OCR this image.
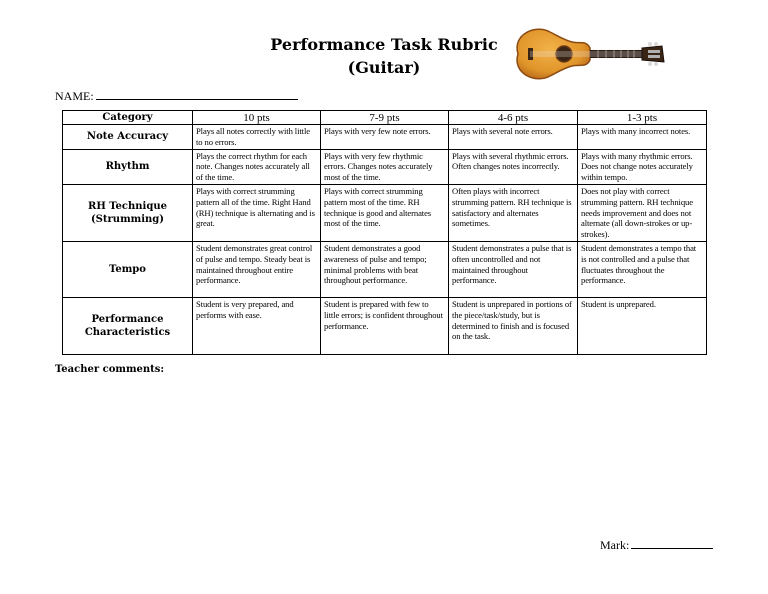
Performance Task Rubric
(Guitar)
NAME:
Category	10 pts	7-9 pts	4-6 pts	1-3 pts
Note Accuracy	Plays all notes correctly with little to no errors.	Plays with very few note errors.	Plays with several note errors.	Plays with many incorrect notes.
Rhythm	Plays the correct rhythm for each note. Changes notes accurately all of the time.	Plays with very few rhythmic errors. Changes notes accurately most of the time.	Plays with several rhythmic errors. Often changes notes incorrectly.	Plays with many rhythmic errors. Does not change notes accurately within tempo.
RH Technique (Strumming)	Plays with correct strumming pattern all of the time. Right Hand (RH) technique is alternating and is great.	Plays with correct strumming pattern most of the time. RH technique is good and alternates most of the time.	Often plays with incorrect strumming pattern. RH technique is satisfactory and alternates sometimes.	Does not play with correct strumming pattern. RH technique needs improvement and does not alternate (all down-strokes or up-strokes).
Tempo	Student demonstrates great control of pulse and tempo. Steady beat is maintained throughout entire performance.	Student demonstrates a good awareness of pulse and tempo; minimal problems with beat throughout performance.	Student demonstrates a pulse that is often uncontrolled and not maintained throughout performance.	Student demonstrates a tempo that is not controlled and a pulse that fluctuates throughout the performance.
Performance Characteristics	Student is very prepared, and performs with ease.	Student is prepared with few to little errors; is confident throughout performance.	Student is unprepared in portions of the piece/task/study, but is determined to finish and is focused on the task.	Student is unprepared.
Teacher comments:
Mark:
